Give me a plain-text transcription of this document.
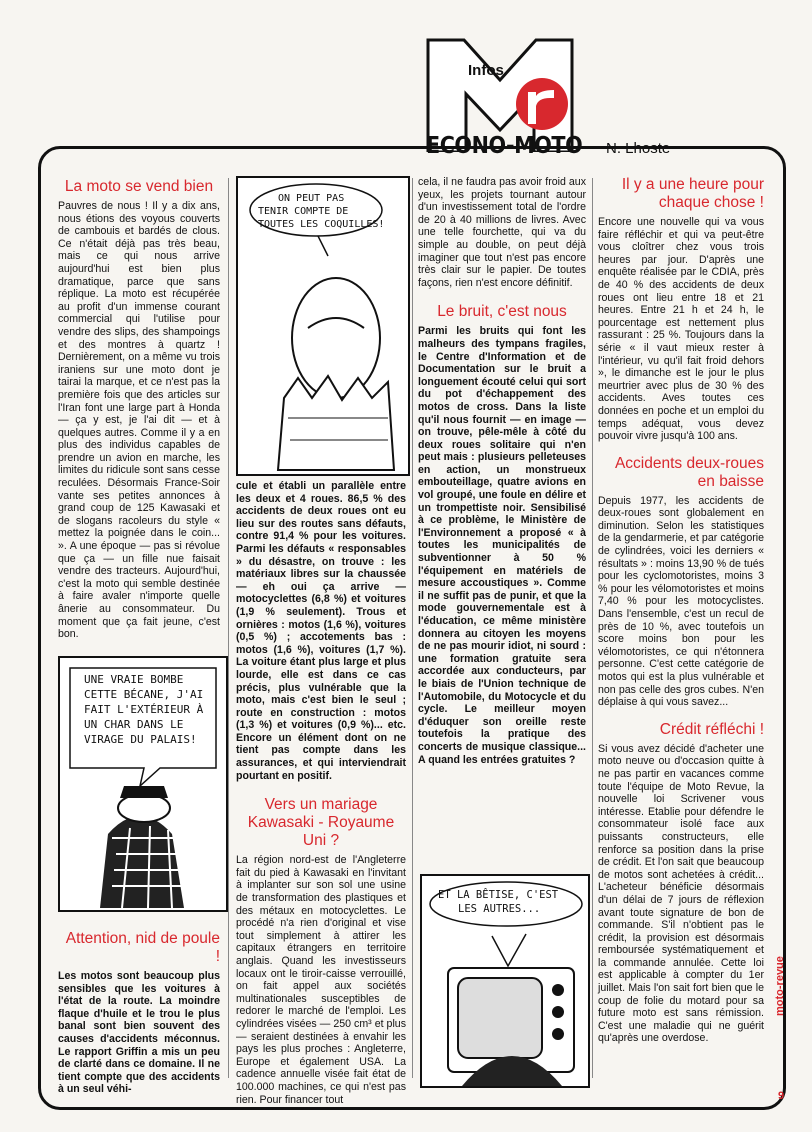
Infos
ECONO-MOTO N. Lhoste
La moto se vend bien

Pauvres de nous ! Il y a dix ans, nous étions des voyous couverts de cambouis et bardés de clous. Ce n'était déjà pas très beau, mais ce qui nous arrive aujourd'hui est bien plus dramatique, parce que sans réplique. La moto est récupérée au profit d'un immense courant commercial qui l'utilise pour vendre des slips, des shampoings et des montres à quartz ! Dernièrement, on a même vu trois iraniens sur une moto dont je tairai la marque, et ce n'est pas la première fois que des articles sur l'Iran font une large part à Honda — ça y est, je l'ai dit — et à quelques autres. Comme il y a en plus des individus capables de prendre un avion en marche, les limites du ridicule sont sans cesse reculées. Désormais France-Soir vante ses petites annonces à grand coup de 125 Kawasaki et de slogans racoleurs du style « mettez la poignée dans le coin... ». A une époque — pas si révolue que ça — un fille nue faisait vendre des tracteurs. Aujourd'hui, c'est la moto qui semble destinée à faire avaler n'importe quelle ânerie au consommateur. Du moment que ça fait jeune, c'est bon.

UNE VRAIE BOMBE
CETTE BÉCANE, J'AI
FAIT L'EXTÉRIEUR À
UN CHAR DANS LE
VIRAGE DU PALAIS!
Attention, nid de poule !

Les motos sont beaucoup plus sensibles que les voitures à l'état de la route. La moindre flaque d'huile et le trou le plus banal sont bien souvent des causes d'accidents méconnus. Le rapport Griffin a mis un peu de clarté dans ce domaine. Il ne tient compte que des accidents à un seul véhi-

ON PEUT PAS
TENIR COMPTE DE
TOUTES LES COQUILLES!

cule et établi un parallèle entre les deux et 4 roues. 86,5 % des accidents de deux roues ont eu lieu sur des routes sans défauts, contre 91,4 % pour les voitures. Parmi les défauts « responsables » du désastre, on trouve : les matériaux libres sur la chaussée — eh oui ça arrive — motocyclettes (6,8 %) et voitures (1,9 % seulement). Trous et ornières : motos (1,6 %), voitures (0,5 %) ; accotements bas : motos (1,6 %), voitures (1,7 %). La voiture étant plus large et plus lourde, elle est dans ce cas précis, plus vulnérable que la moto, mais c'est bien le seul ; route en construction : motos (1,3 %) et voitures (0,9 %)... etc. Encore un élément dont on ne tient pas compte dans les assurances, et qui interviendrait pourtant en positif.

Vers un mariage Kawasaki - Royaume Uni ?

La région nord-est de l'Angleterre fait du pied à Kawasaki en l'invitant à implanter sur son sol une usine de transformation des plastiques et des métaux en motocyclettes. Le procédé n'a rien d'original et vise tout simplement à attirer les capitaux étrangers en territoire anglais. Quand les investisseurs locaux ont le tiroir-caisse verrouillé, on fait appel aux sociétés multinationales susceptibles de redorer le marché de l'emploi. Les cylindrées visées — 250 cm³ et plus — seraient destinées à envahir les pays les plus proches : Angleterre, Europe et également USA. La cadence annuelle visée fait état de 100.000 machines, ce qui n'est pas rien. Pour financer tout

cela, il ne faudra pas avoir froid aux yeux, les projets tournant autour d'un investissement total de l'ordre de 20 à 40 millions de livres. Avec une telle fourchette, qui va du simple au double, on peut déjà imaginer que tout n'est pas encore très clair sur le papier. De toutes façons, rien n'est encore définitif.

Le bruit, c'est nous

Parmi les bruits qui font les malheurs des tympans fragiles, le Centre d'Information et de Documentation sur le bruit a longuement écouté celui qui sort du pot d'échappement des motos de cross. Dans la liste qu'il nous fournit — en image — on trouve, pêle-mêle à côté du deux roues solitaire qui n'en peut mais : plusieurs pelleteuses en action, un monstrueux embouteillage, quatre avions en vol groupé, une foule en délire et un trompettiste noir. Sensibilisé à ce problème, le Ministère de l'Environnement a proposé « à toutes les municipalités de subventionner à 50 % l'équipement en matériels de mesure accoustiques ». Comme il ne suffit pas de punir, et que la mode gouvernementale est à l'éducation, ce même ministère donnera au citoyen les moyens de ne pas mourir idiot, ni sourd : une formation gratuite sera accordée aux conducteurs, par le biais de l'Union technique de l'Automobile, du Motocycle et du cycle. Le meilleur moyen d'éduquer son oreille reste toutefois la pratique des concerts de musique classique... A quand les entrées gratuites ?

ET LA BÊTISE, C'EST
LES AUTRES...
Il y a une heure pour chaque chose !

Encore une nouvelle qui va vous faire réfléchir et qui va peut-être vous cloîtrer chez vous trois heures par jour. D'après une enquête réalisée par le CDIA, près de 40 % des accidents de deux roues ont lieu entre 18 et 21 heures. Entre 21 h et 24 h, le pourcentage est nettement plus rassurant : 25 %. Toujours dans la série « il vaut mieux rester à l'intérieur, vu qu'il fait froid dehors », le dimanche est le jour le plus meurtrier avec plus de 30 % des accidents. Aves toutes ces données en poche et un emploi du temps adéquat, vous devez pouvoir vivre jusqu'à 100 ans.

Accidents deux-roues en baisse

Depuis 1977, les accidents de deux-roues sont globalement en diminution. Selon les statistiques de la gendarmerie, et par catégorie de cylindrées, voici les derniers « résultats » : moins 13,90 % de tués pour les cyclomotoristes, moins 3 % pour les vélomotoristes et moins 7,40 % pour les motocyclistes. Dans l'ensemble, c'est un recul de près de 10 %, avec toutefois un score moins bon pour les vélomotoristes, ce qui n'étonnera personne. C'est cette catégorie de motos qui est la plus vulnérable et non pas celle des gros cubes. N'en déplaise à qui vous savez...

Crédit réfléchi !

Si vous avez décidé d'acheter une moto neuve ou d'occasion quitte à ne pas partir en vacances comme toute l'équipe de Moto Revue, la nouvelle loi Scrivener vous intéresse. Etablie pour défendre le consommateur isolé face aux puissants constructeurs, elle renforce sa position dans la prise de crédit. Et l'on sait que beaucoup de motos sont achetées à crédit... L'acheteur bénéficie désormais d'un délai de 7 jours de réflexion avant toute signature de bon de commande. S'il n'obtient pas le crédit, la provision est désormais remboursée systématiquement et la commande annulée. Cette loi est applicable à compter du 1er juillet. Mais l'on sait fort bien que le coup de folie du motard pour sa future moto est sans rémission. C'est une maladie qui ne guérit qu'après une overdose.

moto-revue
9
